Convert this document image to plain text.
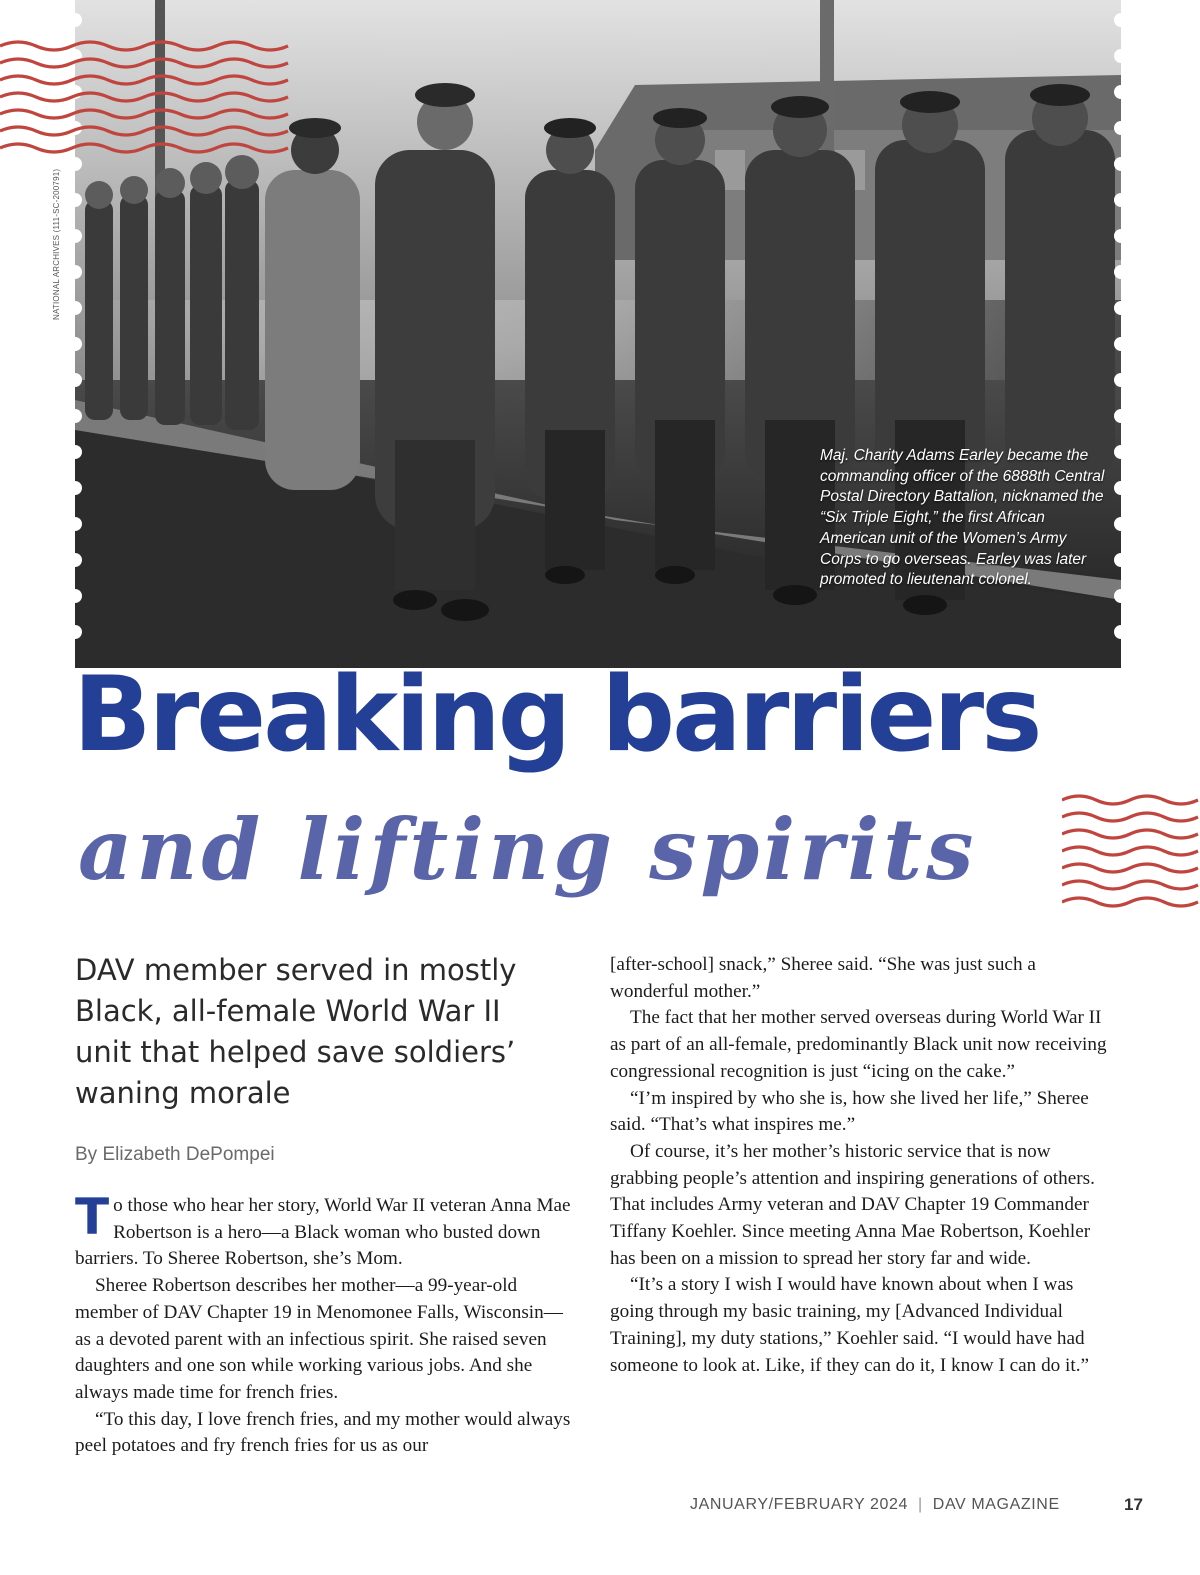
NATIONAL ARCHIVES (111-SC-200791)
Maj. Charity Adams Earley became the commanding officer of the 6888th Central Postal Directory Battalion, nicknamed the “Six Triple Eight,” the first African American unit of the Women’s Army Corps to go overseas. Earley was later promoted to lieutenant colonel.
Breaking barriers
and lifting spirits
DAV member served in mostly Black, all-female World War II unit that helped save soldiers’ waning morale
By Elizabeth DePompei

To those who hear her story, World War II veteran Anna Mae Robertson is a hero—a Black woman who busted down barriers. To Sheree Robertson, she’s Mom.

Sheree Robertson describes her mother—a 99-year-old member of DAV Chapter 19 in Menomonee Falls, Wisconsin—as a devoted parent with an infectious spirit. She raised seven daughters and one son while working various jobs. And she always made time for french fries.

“To this day, I love french fries, and my mother would always peel potatoes and fry french fries for us as our

[after-school] snack,” Sheree said. “She was just such a wonderful mother.”

The fact that her mother served overseas during World War II as part of an all-female, predominantly Black unit now receiving congressional recognition is just “icing on the cake.”

“I’m inspired by who she is, how she lived her life,” Sheree said. “That’s what inspires me.”

Of course, it’s her mother’s historic service that is now grabbing people’s attention and inspiring generations of others. That includes Army veteran and DAV Chapter 19 Commander Tiffany Koehler. Since meeting Anna Mae Robertson, Koehler has been on a mission to spread her story far and wide.

“It’s a story I wish I would have known about when I was going through my basic training, my [Advanced Individual Training], my duty stations,” Koehler said. “I would have had someone to look at. Like, if they can do it, I know I can do it.”

JANUARY/FEBRUARY 2024 | DAV MAGAZINE	17
